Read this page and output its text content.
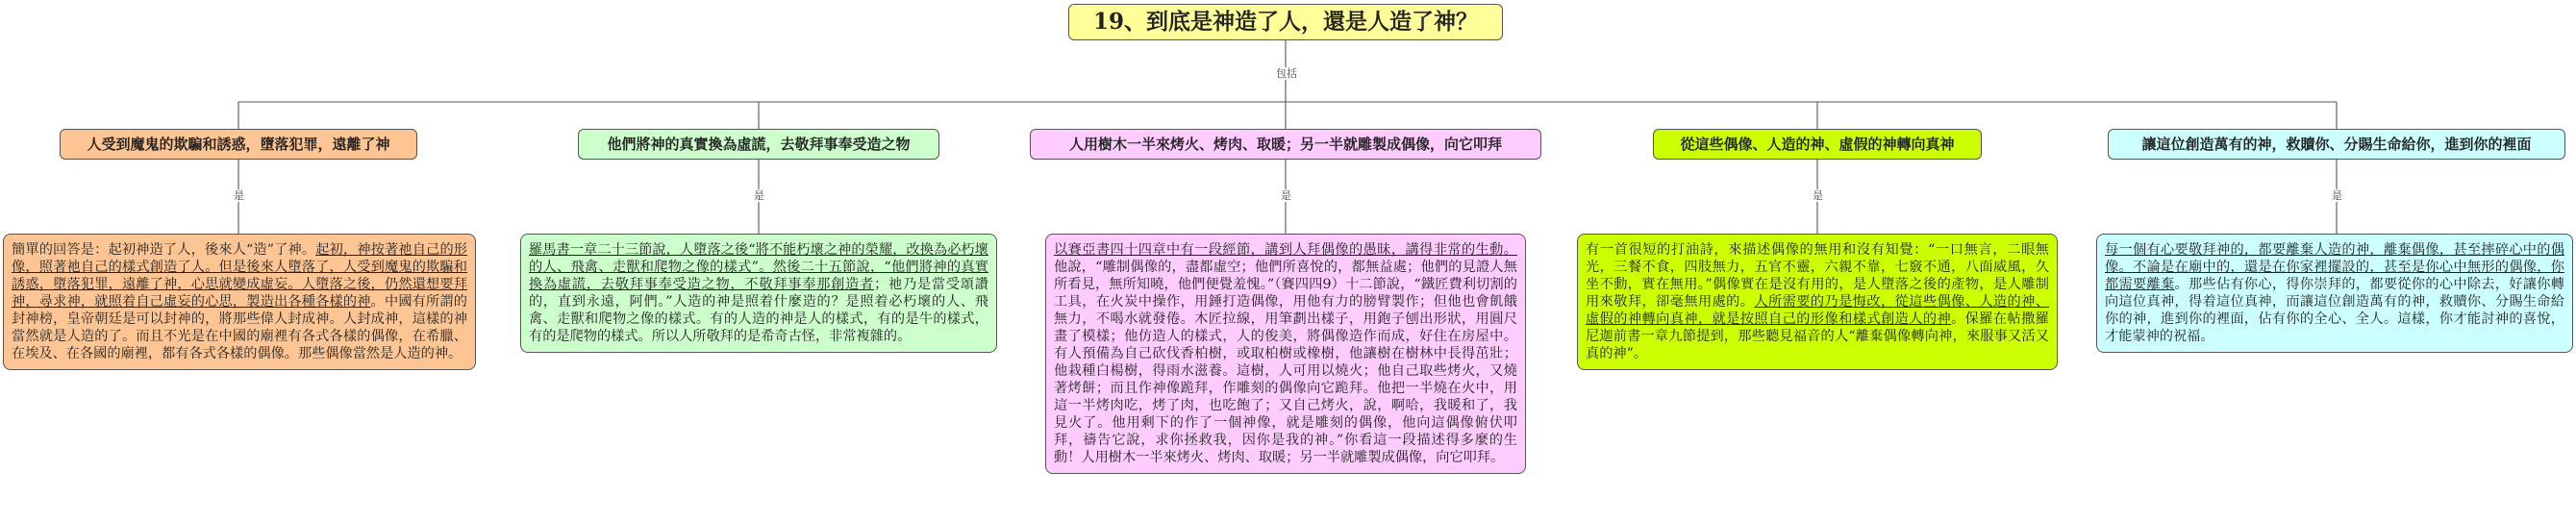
包括
是	是	是	是	是
19、到底是神造了人，還是人造了神？
人受到魔鬼的欺騙和誘惑，墮落犯罪，遠離了神	他們將神的真實換為虛謊，去敬拜事奉受造之物	人用樹木一半來烤火、烤肉、取暖；另一半就雕製成偶像，向它叩拜	從這些偶像、人造的神、虛假的神轉向真神	讓這位創造萬有的神，救贖你、分賜生命給你，進到你的裡面
簡單的回答是：起初神造了人，後來人“造”了神。起初，神按著祂自己的形像，照著祂自己的樣式創造了人。但是後來人墮落了，人受到魔鬼的欺騙和誘惑，墮落犯罪，遠離了神，心思就變成虛妄。人墮落之後，仍然還想要拜神，尋求神，就照着自己虛妄的心思，製造出各種各樣的神。中國有所謂的封神榜，皇帝朝廷是可以封神的，將那些偉人封成神。人封成神，這樣的神當然就是人造的了。而且不光是在中國的廟裡有各式各樣的偶像，在希臘、在埃及、在各國的廟裡，都有各式各樣的偶像。那些偶像當然是人造的神。
羅馬書一章二十三節說，人墮落之後“將不能朽壞之神的榮耀，改換為必朽壞的人、飛禽、走獸和爬物之像的樣式”。然後二十五節說，“他們將神的真實換為虛謊，去敬拜事奉受造之物，不敬拜事奉那創造者；祂乃是當受頌讚的，直到永遠，阿們。”人造的神是照着什麼造的？是照着必朽壞的人、飛禽、走獸和爬物之像的樣式。有的人造的神是人的樣式，有的是牛的樣式，有的是爬物的樣式。所以人所敬拜的是希奇古怪，非常複雜的。
以賽亞書四十四章中有一段經節，講到人拜偶像的愚昧，講得非常的生動。他說，“雕制偶像的，盡都虛空；他們所喜悅的，都無益處；他們的見證人無所看見，無所知曉，他們便覺羞愧。”（賽四四9）十二節說，“鐵匠費利切割的工具，在火炭中操作，用錘打造偶像，用他有力的膀臂製作；但他也會飢餓無力，不喝水就發倦。木匠拉線，用筆劃出樣子，用鉋子刨出形狀，用圓尺畫了模樣；他仿造人的樣式，人的俊美，將偶像造作而成，好住在房屋中。有人預備為自己砍伐香柏樹，或取柏樹或橡樹，他讓樹在樹林中長得茁壯；他栽種白楊樹，得雨水滋養。這樹，人可用以燒火；他自己取些烤火，又燒著烤餅；而且作神像跪拜，作雕刻的偶像向它跪拜。他把一半燒在火中，用這一半烤肉吃，烤了肉，也吃飽了；又自己烤火，說，啊哈，我暖和了，我見火了。他用剩下的作了一個神像，就是雕刻的偶像，他向這偶像俯伏叩拜，禱告它說，求你拯救我，因你是我的神。”你看這一段描述得多麼的生動！人用樹木一半來烤火、烤肉、取暖；另一半就雕製成偶像，向它叩拜。
有一首很短的打油詩，來描述偶像的無用和沒有知覺：“一口無言，二眼無光，三餐不食，四肢無力，五官不靈，六親不靠，七竅不通，八面威風，久坐不動，實在無用。”偶像實在是沒有用的，是人墮落之後的產物，是人雕制用來敬拜，卻毫無用處的。人所需要的乃是悔改，從這些偶像、人造的神、虛假的神轉向真神，就是按照自己的形像和樣式創造人的神。保羅在帖撒羅尼迦前書一章九節提到，那些聽見福音的人“離棄偶像轉向神，來服事又活又真的神”。
每一個有心要敬拜神的，都要離棄人造的神，離棄偶像，甚至摔碎心中的偶像。不論是在廟中的，還是在你家裡擺設的，甚至是你心中無形的偶像，你都需要離棄。那些佔有你心，得你崇拜的，都要從你的心中除去，好讓你轉向這位真神，得着這位真神，而讓這位創造萬有的神，救贖你、分賜生命給你的神，進到你的裡面，佔有你的全心、全人。這樣，你才能討神的喜悅，才能蒙神的祝福。
